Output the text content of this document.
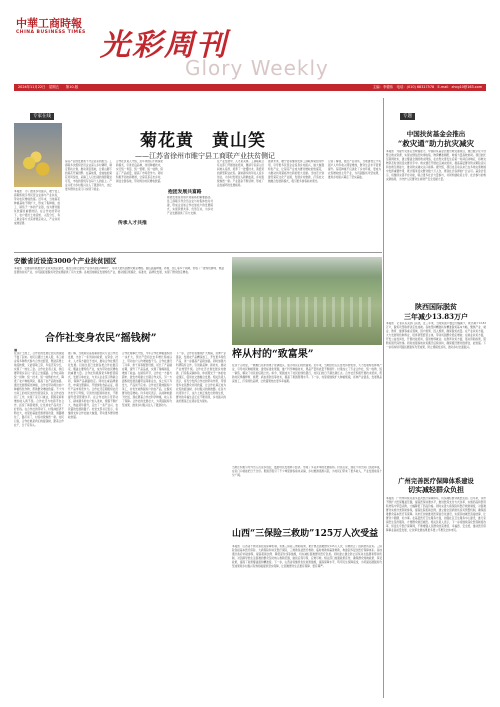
中華工商時報
CHINA BUSINESS TIMES 光彩周刊
Glory Weekly
2024年11月22日　星期五　　第10-版	主编：李德伟　电话：(010) 68317578　E-mail：zhcg10@163.com
专家在线	专题
菊花黄　黄山笑
——江苏省徐州市睢宁县工商联产业扶贫侧记
本報訊　为了推进乡村振兴，睢宁县工商联积极引导民营企业参与产业扶贫，带动农民增收致富。近年来，当地菊花种植基地不断扩大，形成了集种植、加工、销售于一体的产业链，成为群众脱贫致富的重要途径。在合作社的带动下，农户通过土地流转、入股分红、务工就业等方式获得稳定收入，产业扶贫成效显著。
菊花产业的发展离不开企业家的担当。工商联多次组织会员企业深入乡村调研，制定帮扶计划，推动项目落地，让黄山脚下的菊花开遍田野。在基地里，金灿灿的菊花迎风绽放，采摘工人们忙碌的身影随处可见，丰收的喜悦写在每个人的脸上。产业兴旺为乡村振兴注入了强劲动力，也让更多群众在家门口实现了就业。	抱团发展共富路
传承人才共推
合作社负责人介绍，近年来他们不断探索新模式，引进优良品种，改进种植技术，实行统一育苗、统一管理、统一收购，保证了产品质量，提高了市场竞争力。同时积极开拓电商渠道，让菊花茶走出乡村，销往全国各地，带动周边村民增收致富。
抱团发展是实现共同富裕的重要路径。县工商联引导会员企业与村集体结对共建，形成企业加合作社加农户的发展模式，实现资源共享、优势互补，为乡村产业发展提供了有力支撑。
在产业发展中，人才是关键。工商联联合有关部门开展技能培训，邀请专家深入田间地头指导，培养了一批懂技术、善经营的新型职业农民。越来越多的年轻人返乡创业，为乡村发展注入新鲜血液，乡村面貌焕然一新。产业链条不断延伸，形成了良性循环的发展格局。
展望未来，睢宁县将继续发挥工商联桥梁纽带作用，引导更多民营企业投身乡村振兴，做大做强特色产业，让菊花产业成为群众增收的致富花，为推动共同富裕作出新的更大贡献。当地还计划建设菊花文化产业园，发展乡村旅游，打造农文旅融合发展新模式，吸引更多游客前来观光。
记者了解到，通过产业扶贫，当地建档立卡贫困户人均年收入明显增加，群众生活水平显著提升。菊花种植不仅美化了乡村环境，更成为农民增收的主导产业，为巩固脱贫攻坚成果、推进乡村振兴奠定了坚实基础。
安徽省近设造3000个产业扶贫园区
本報訊　安徽省积极推进产业扶贫园区建设，截至目前已建设产业扶贫园区3000个，带动大批贫困群众就业增收。园区涵盖种植、养殖、加工等多个领域，形成了一批特色鲜明、效益显著的扶贫产业，为巩固拓展脱贫攻坚成果提供了有力支撑。各地因地制宜发展特色产业，推动园区规模化、标准化、品牌化发展，实现了群众稳定增收。
梓从村的“致富果”
在这个山村里，一颗颗红彤彤的果子挂满枝头，成为村民们的致富果。近年来，当地依托山区自然资源优势，大力发展特色林果产业，引导村民种植果树，建设标准化果园，推广科学种植技术，果品产量和质量不断提升。村里成立了专业合作社，统一收购、统一销售，解决了村民的后顾之忧。如今，果园成为了村民的绿色银行，村民们的日子越过越红火。合作社还积极开展技术培训，帮助村民掌握修剪、施肥、病虫害防治等技术，提高了果园管理水平。下一步，村里将继续扩大种植规模，延伸产业链条，发展果品深加工，打造特色品牌，让致富果结出更多幸福果。
合作社变身农民“摇钱树”
■
在这片土地上，合作社的发展让农民的钱袋子鼓了起来。村民们通过土地入股、务工就业等多种形式参与合作社经营，既能获得土地流转费，又能领取工资，年底还有分红，实现了一地生三金。合作社负责人说，我们要带领乡亲们一起走上致富路。合作社采取统一供种、统一技术、统一收购的方式，降低了农户种植风险，提高了农产品附加值。通过发展规模化种植，合作社带动周边农户种植特色作物，帮助群众增收致富。不少外出务工的村民也纷纷回到家乡，在合作社找到了工作，实现了家门口就业，照顾家庭和增加收入两不误。合作社还与电商平台合作，拓宽了销售渠道，让优质农产品卖出了好价钱。在合作社的带动下，村集体经济不断壮大，村里的基础设施得到改善，道路硬化了，路灯亮了，村容村貌焕然一新。村民们说，合作社就是我们的摇钱树，跟着合作社干，日子有奔头。
据了解，当地政府高度重视农民专业合作社发展，出台了一系列扶持政策，在资金、技术、人才等方面给予支持，推动合作社规范化发展。目前全县已发展各类合作社数百家，覆盖主要特色产业，成为带动农民增收的重要力量。合作社积极探索多种经营模式，发展订单农业，与龙头企业签订购销合同，保障产品销路稳定。同时注重品牌建设，申请注册商标，开展绿色食品认证，提升产品市场竞争力。合作社还定期组织社员外出学习考察，引进先进经验和技术，不断提升经营管理水平。在合作社的示范带动下，越来越多的农户加入进来，规模不断扩大，效益逐年提升，走出了一条产业兴、农民富的发展新路子。村党支部书记表示，将继续支持合作社做大做强，带动更多群众增收致富。
合作社理事长介绍，今年合作社种植面积进一步扩大，预计产量将比去年增长两成以上，带动农户人均增收数千元。合作社建设了冷库、烘干房等配套设施，延长了产品储存期，提升了产品品质，实现了错峰销售，增加了收益。在销售环节，合作社一方面与超市、批发市场建立长期合作关系，另一方面积极发展直播带货等新业态，线上线下齐发力，产品供不应求。合作社还吸纳脱贫户务工，并优先收购脱贫户的农产品，让脱贫群众稳定增收。许多村民表示，以前种地靠天吃饭，现在跟着合作社科学种植，收入有了保障。合作社的发展壮大，为巩固脱贫攻坚成果、推进乡村振兴注入了强劲动力。
下一步，合作社将继续扩大规模，延伸产业链条，发展农产品精深加工，开发更多特色产品，进一步提高产品附加值。同时加强与科研院所合作，引进新品种、新技术，推动产业转型升级。合作社还计划发展乡村旅游，打造集采摘体验、休闲观光于一体的农业园区，促进农文旅融合发展。相关负责人表示，将充分发挥合作社的带动作用，带领更多农民群众共同致富，让合作社真正成为农民的摇钱树、乡村振兴的助推器。在各方共同努力下，这片土地正焕发出勃勃生机，群众的幸福生活正在不断延续，乡村振兴的美好图景正在逐步变为现实。
山西“三保险三救助”125万人次受益
当地还积极引导外出人员返乡创业，鼓励村民发展林下经济，形成了多业并举的发展格局。村民们说，现在不用出远门也能挣钱，在家门口就能把日子过好。果园还吸引了不少城里游客前来采摘，乡村旅游逐渐兴起，为村民们带来了更多收入，产业发展前景十分广阔。
本報訊　山西省不断完善兜底保障机制，实施三保险三救助政策，累计惠及困难群众125万人次，有效防止了因病致贫返贫。三保险包括基本医疗保险、大病保险和补充医疗保险，三救助包括医疗救助、临时救助和慈善救助，构建起多层次医疗保障体系。各地通过政府补贴参保、提高报销比例、降低起付线等措施，切实减轻困难群众医疗负担。同时建立健全防止返贫动态监测和帮扶机制，对因病导致生活困难的群众及时纳入救助范围，做到应保尽保、应救尽救。相关部门加强政策宣传，确保群众知晓政策、享受政策，提高了政策覆盖面和精准度。下一步，山西省将继续优化政策措施，提高保障水平，筑牢民生保障底线，为巩固拓展脱贫攻坚成果同乡村振兴有效衔接提供坚实保障，让困难群众生活更有保障、更有尊严。
中国扶贫基金会推出
“救灾通”助力抗灾减灾
本報訊　为提升灾害应急救援能力，中国扶贫基金会推出救灾通项目，通过数字化平台整合救灾资源，实现灾情信息快速收集、物资精准调配、救援力量高效协同。项目依托互联网技术，建立覆盖全国的救灾网络，在自然灾害发生后第一时间启动响应，将救灾物资及时送到受灾群众手中。救灾通还开展社区减灾培训，提高基层群众防灾避险意识和自救互救能力，推动防灾减灾关口前移。据介绍，项目自启动以来已在多地灾害救援中发挥重要作用，累计服务受灾群众数十万人次，得到社会各界的广泛认可。基金会表示，将继续完善平台功能，联合更多社会力量参与，共同构建政府主导、社会参与的救灾新格局，为守护人民群众生命财产安全贡献力量。
陕西国际脱贫
三年减少13.83万户
本報訊　记者从有关部门获悉，近三年来，当地贫困户数量大幅减少，累计减少13.83万户，脱贫攻坚取得决定性成就。各地坚持精准扶贫精准脱贫基本方略，聚焦产业、就业、教育、健康等重点领域，因户施策、因人施策，确保脱贫质量。在产业扶贫方面，大力发展特色种养业，培育新型经营主体，带动贫困群众稳定增收；在就业扶贫方面，开发公益性岗位，开展技能培训，促进转移就业；在教育扶贫方面，落实资助政策，阻断贫困代际传递。同时加强易地扶贫搬迁后续扶持，确保搬迁群众稳得住、能致富。下一步将持续巩固拓展脱贫攻坚成果，防止规模性返贫，推动乡村全面振兴。
广州完善医疗保障体系建设
切实减轻群众负担
本報訊　广州市持续完善多层次医疗保障体系，切实减轻群众就医负担。近年来，该市不断扩大医保覆盖范围，提高医保待遇水平，推进医保支付方式改革，实施药品和医用耗材集中带量采购，大幅降低了药品价格。同时完善大病保险和医疗救助制度，对困难群众实施分类资助参保，提高住院报销比例，建立健全因病致贫返贫预警机制，确保困难群众基本医疗有保障。该市还加快推进医保信息化建设，实现异地就医直接结算，让群众少跑腿、好办事。在基层医疗卫生服务方面，加强社区卫生服务中心建设，推行家庭医生签约服务，方便群众就近就医。相关负责人表示，下一步将继续深化医保制度改革，织密扎牢医疗保障网，不断增强人民群众的获得感、幸福感、安全感，推动医疗保障事业高质量发展，让改革发展成果更多更公平惠及全体市民。
